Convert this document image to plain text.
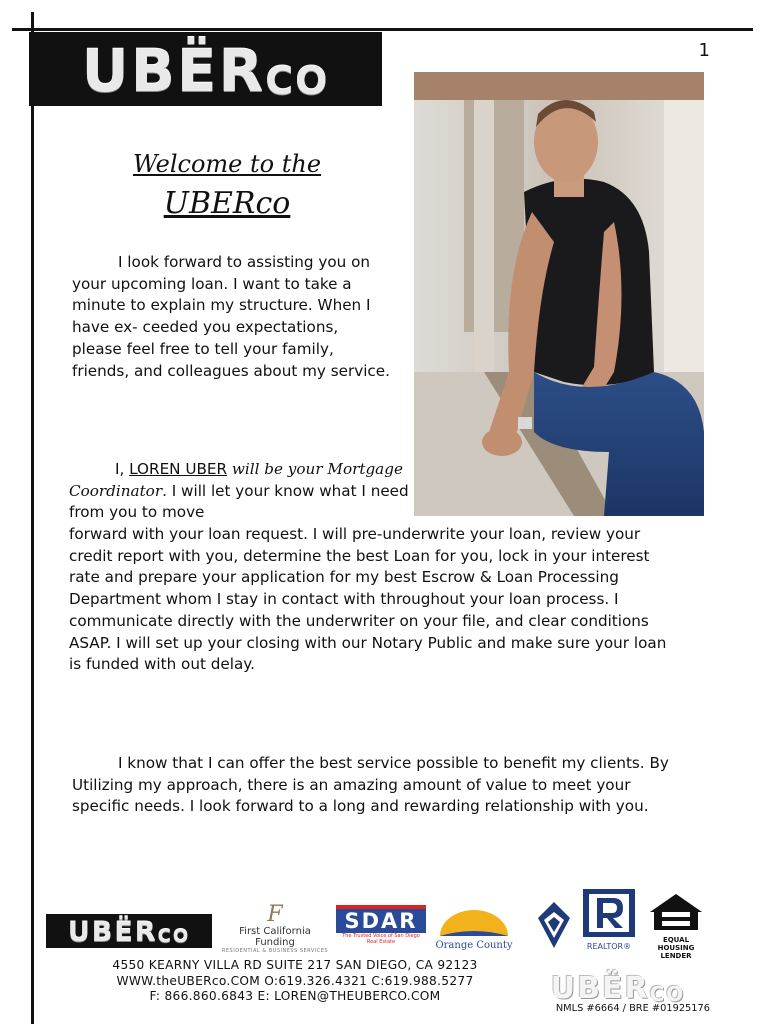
1
UBËR CO
Welcome to the
UBERco
I look forward to assisting you on your upcoming loan. I want to take a minute to explain my structure. When I have ex- ceeded you expectations, please feel free to tell your family, friends, and colleagues about my service.
I, LOREN UBER will be your Mortgage Coordinator. I will let your know what I need from you to move
forward with your loan request. I will pre-underwrite your loan, review your credit report with you, determine the best Loan for you, lock in your interest rate and prepare your application for my best Escrow & Loan Processing Department whom I stay in contact with throughout your loan process. I communicate directly with the underwriter on your file, and clear conditions ASAP. I will set up your closing with our Notary Public and make sure your loan is funded with out delay.
I know that I can offer the best service possible to benefit my clients. By Utilizing my approach, there is an amazing amount of value to meet your specific needs. I look forward to a long and rewarding relationship with you.
UBËR CO
F
First California Funding
RESIDENTIAL & BUSINESS SERVICES
SDAR
The Trusted Voice of San Diego Real Estate	Orange County	REALTOR®
EQUAL HOUSING
LENDER
4550 KEARNY VILLA RD SUITE 217 SAN DIEGO, CA 92123
WWW.theUBERco.COM O:619.326.4321 C:619.988.5277
F: 866.860.6843 E: LOREN@THEUBERCO.COM	UBËR CO
NMLS #6664 / BRE #01925176
